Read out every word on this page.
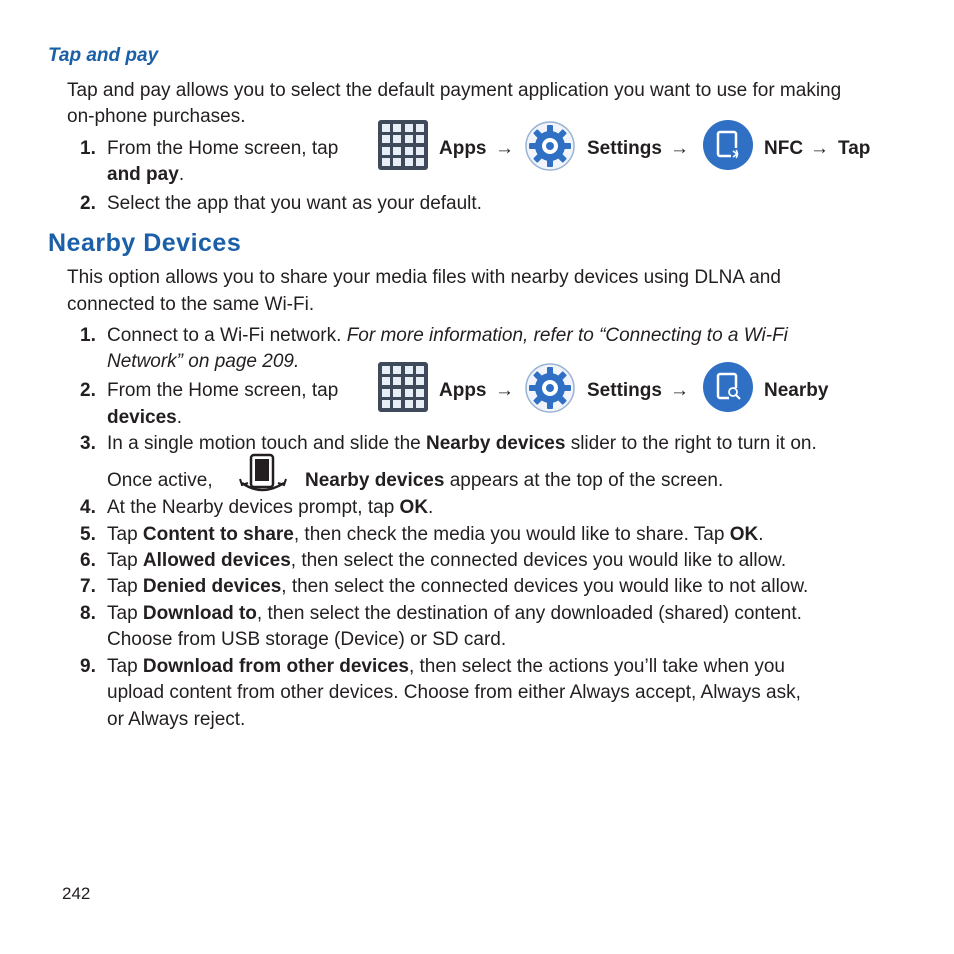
Tap and pay
Tap and pay allows you to select the default payment application you want to use for making
on-phone purchases.
1. From the Home screen, tap	Apps →	Settings →	NFC → Tap
and pay.
2. Select the app that you want as your default.
Nearby Devices
This option allows you to share your media files with nearby devices using DLNA and
connected to the same Wi-Fi.
1. Connect to a Wi-Fi network. For more information, refer to “Connecting to a Wi-Fi
Network” on page 209.
2. From the Home screen, tap	Apps →	Settings →	Nearby
devices.
3. In a single motion touch and slide the Nearby devices slider to the right to turn it on.
Once active,	Nearby devices appears at the top of the screen.
4. At the Nearby devices prompt, tap OK.
5. Tap Content to share, then check the media you would like to share. Tap OK.
6. Tap Allowed devices, then select the connected devices you would like to allow.
7. Tap Denied devices, then select the connected devices you would like to not allow.
8. Tap Download to, then select the destination of any downloaded (shared) content.
Choose from USB storage (Device) or SD card.
9. Tap Download from other devices, then select the actions you’ll take when you
upload content from other devices. Choose from either Always accept, Always ask,
or Always reject.
242
